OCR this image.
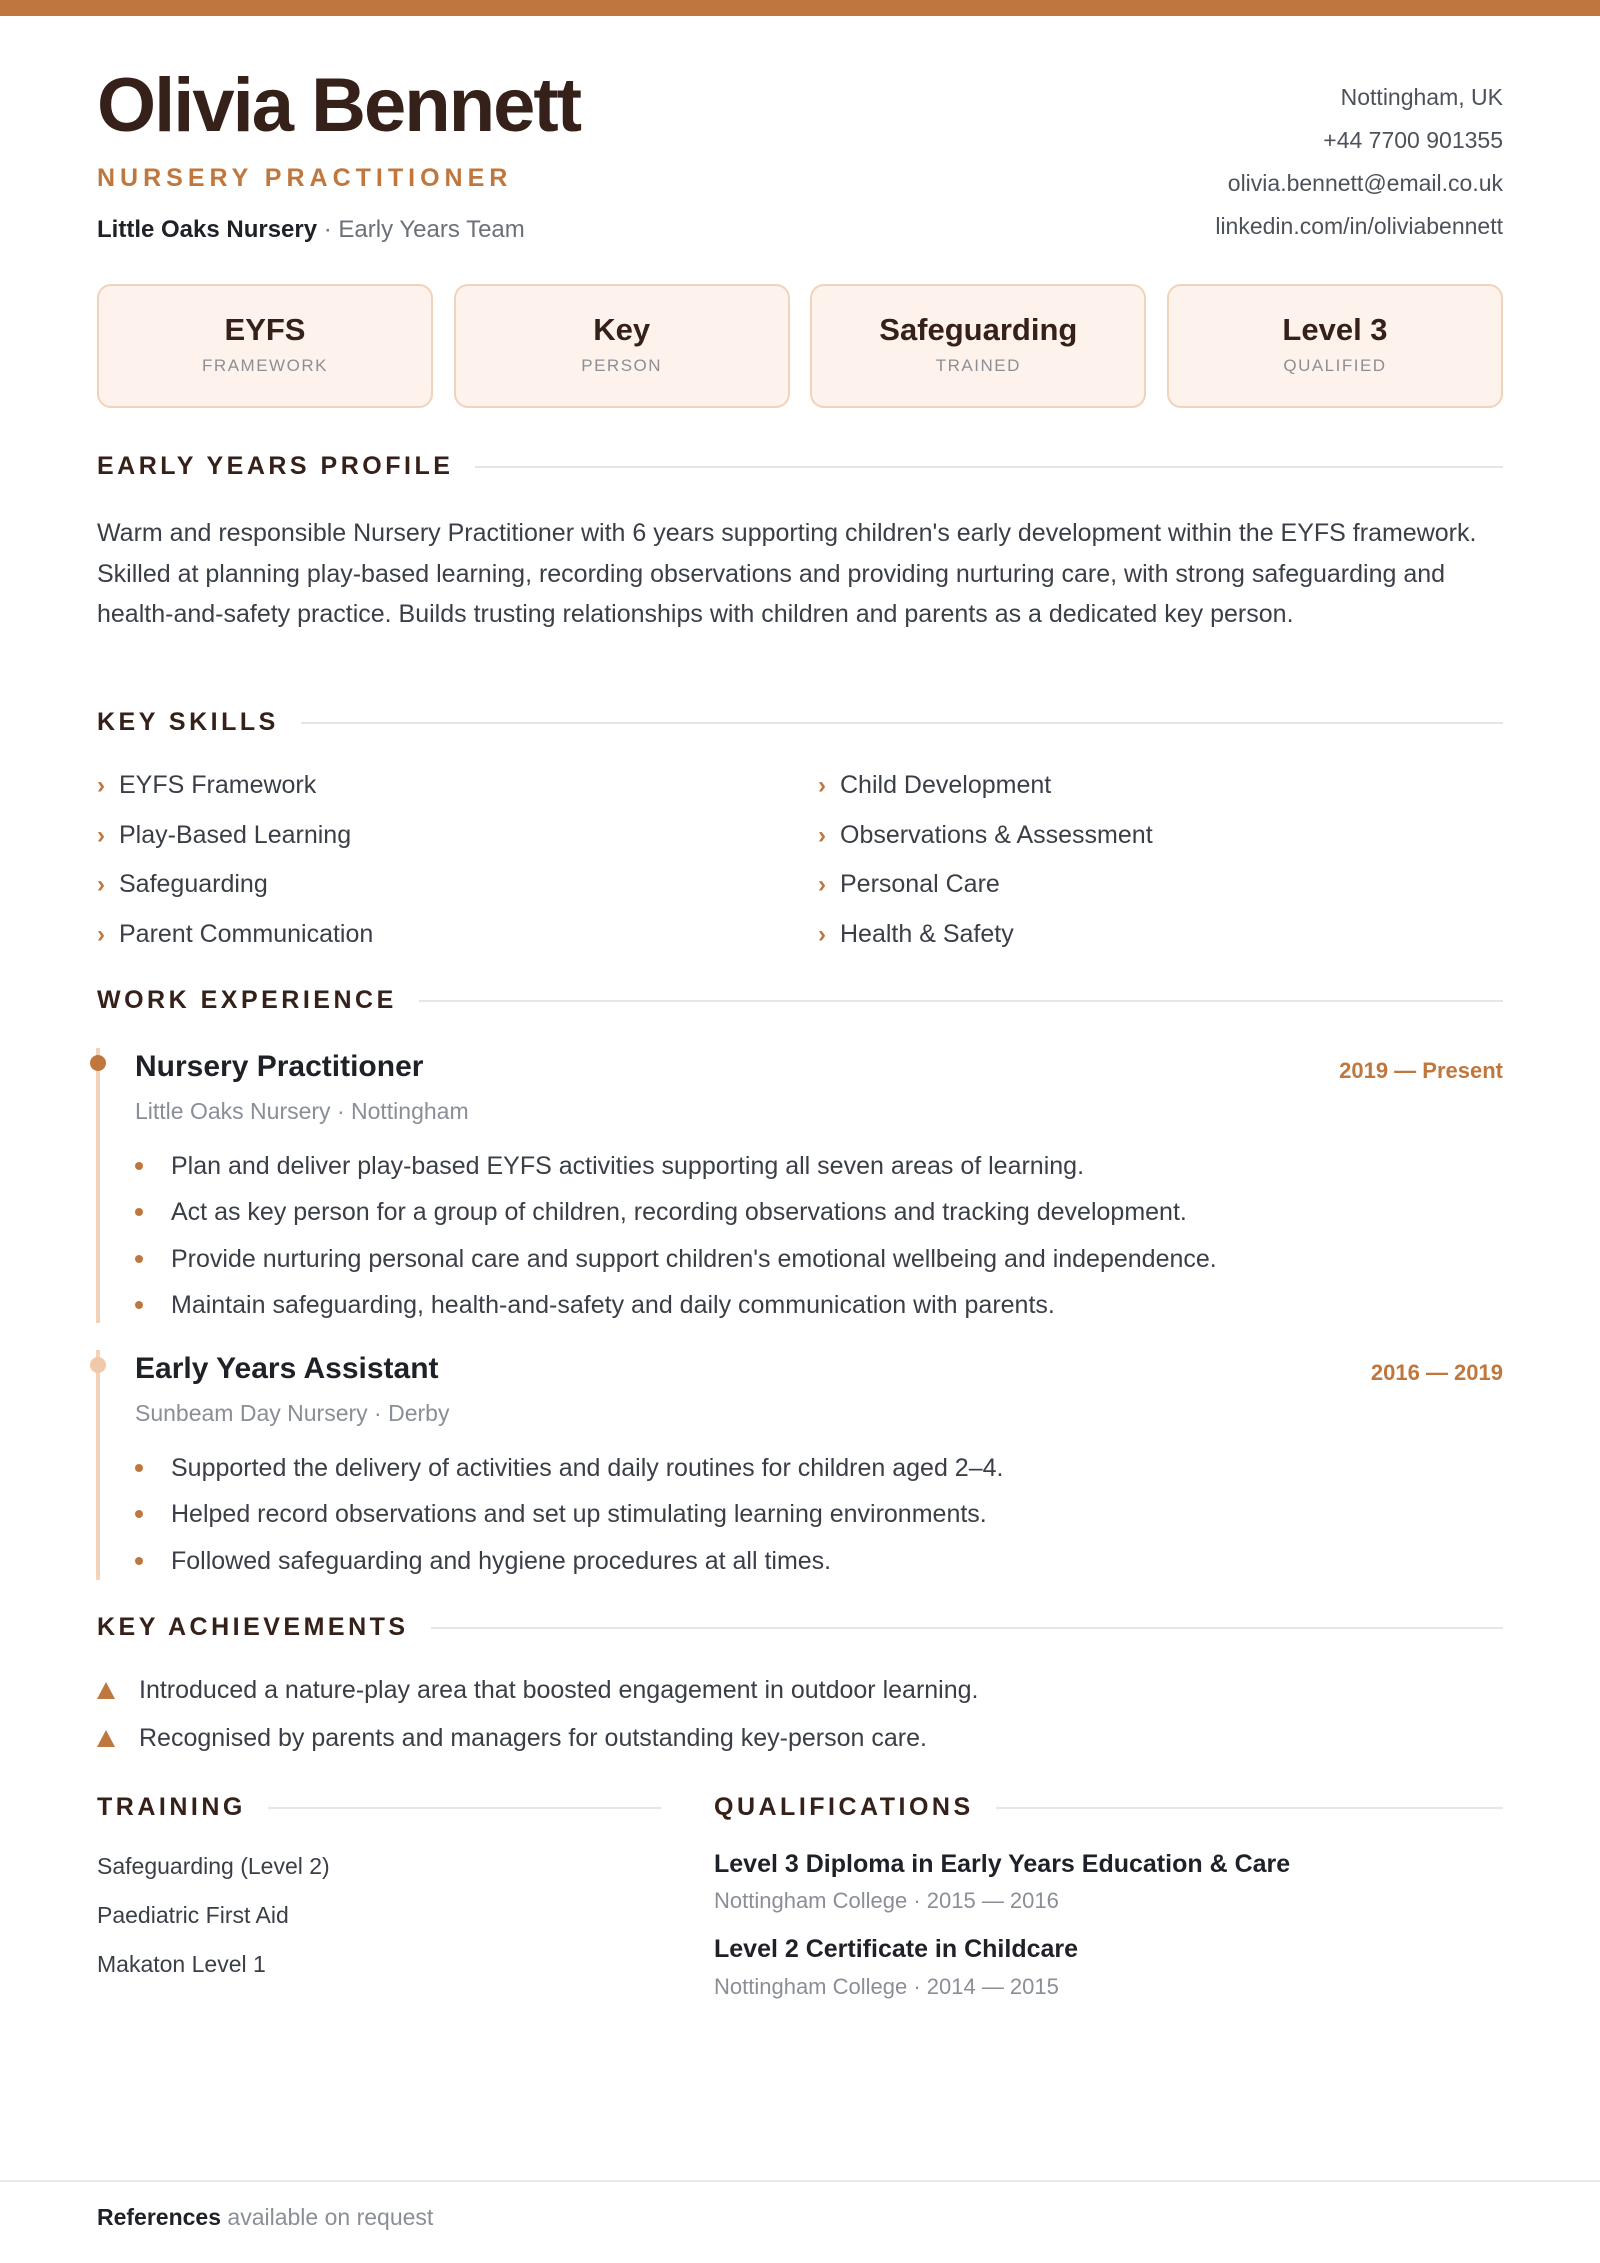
Olivia Bennett
NURSERY PRACTITIONER
Little Oaks Nursery · Early Years Team
Nottingham, UK
+44 7700 901355
olivia.bennett@email.co.uk
linkedin.com/in/oliviabennett
EYFS
FRAMEWORK
Key
PERSON
Safeguarding
TRAINED
Level 3
QUALIFIED
EARLY YEARS PROFILE

Warm and responsible Nursery Practitioner with 6 years supporting children's early development within the EYFS framework. Skilled at planning play-based learning, recording observations and providing nurturing care, with strong safeguarding and health-and-safety practice. Builds trusting relationships with children and parents as a dedicated key person.

KEY SKILLS
› EYFS Framework	› Child Development
› Play-Based Learning	› Observations & Assessment
› Safeguarding	› Personal Care
› Parent Communication	› Health & Safety
WORK EXPERIENCE
Nursery Practitioner	2019 — Present
Little Oaks Nursery · Nottingham
Plan and deliver play-based EYFS activities supporting all seven areas of learning.
Act as key person for a group of children, recording observations and tracking development.
Provide nurturing personal care and support children's emotional wellbeing and independence.
Maintain safeguarding, health-and-safety and daily communication with parents.
Early Years Assistant	2016 — 2019
Sunbeam Day Nursery · Derby
Supported the delivery of activities and daily routines for children aged 2–4.
Helped record observations and set up stimulating learning environments.
Followed safeguarding and hygiene procedures at all times.
KEY ACHIEVEMENTS
Introduced a nature-play area that boosted engagement in outdoor learning.
Recognised by parents and managers for outstanding key-person care.
TRAINING
Safeguarding (Level 2)
Paediatric First Aid
Makaton Level 1
QUALIFICATIONS
Level 3 Diploma in Early Years Education & Care
Nottingham College · 2015 — 2016
Level 2 Certificate in Childcare
Nottingham College · 2014 — 2015
References available on request
